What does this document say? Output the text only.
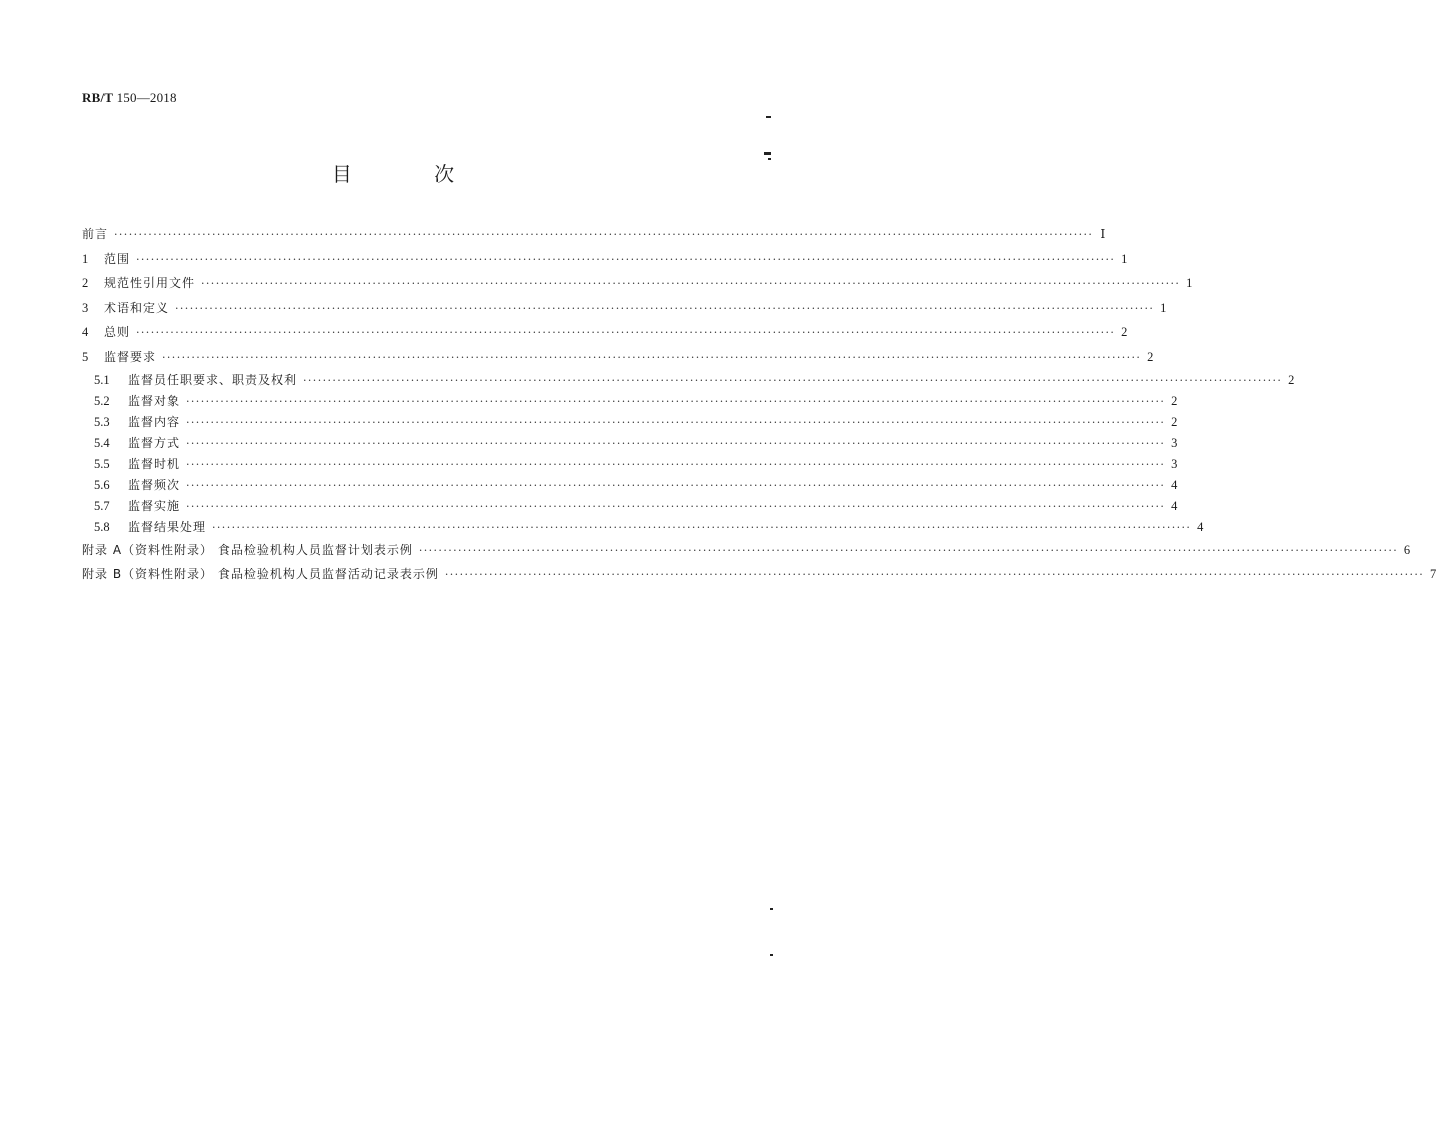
RB/T 150—2018
目 次
前言 ········································································································································································································ Ⅰ
1	范围 ········································································································································································································ 1
2	规范性引用文件 ········································································································································································································ 1
3	术语和定义 ········································································································································································································ 1
4	总则 ········································································································································································································ 2
5	监督要求 ········································································································································································································ 2
5.1	监督员任职要求、职责及权利 ········································································································································································································ 2
5.2	监督对象 ········································································································································································································ 2
5.3	监督内容 ········································································································································································································ 2
5.4	监督方式 ········································································································································································································ 3
5.5	监督时机 ········································································································································································································ 3
5.6	监督频次 ········································································································································································································ 4
5.7	监督实施 ········································································································································································································ 4
5.8	监督结果处理 ········································································································································································································ 4
附录 A（资料性附录） 食品检验机构人员监督计划表示例 ········································································································································································································ 6
附录 B（资料性附录） 食品检验机构人员监督活动记录表示例 ········································································································································································································ 7
